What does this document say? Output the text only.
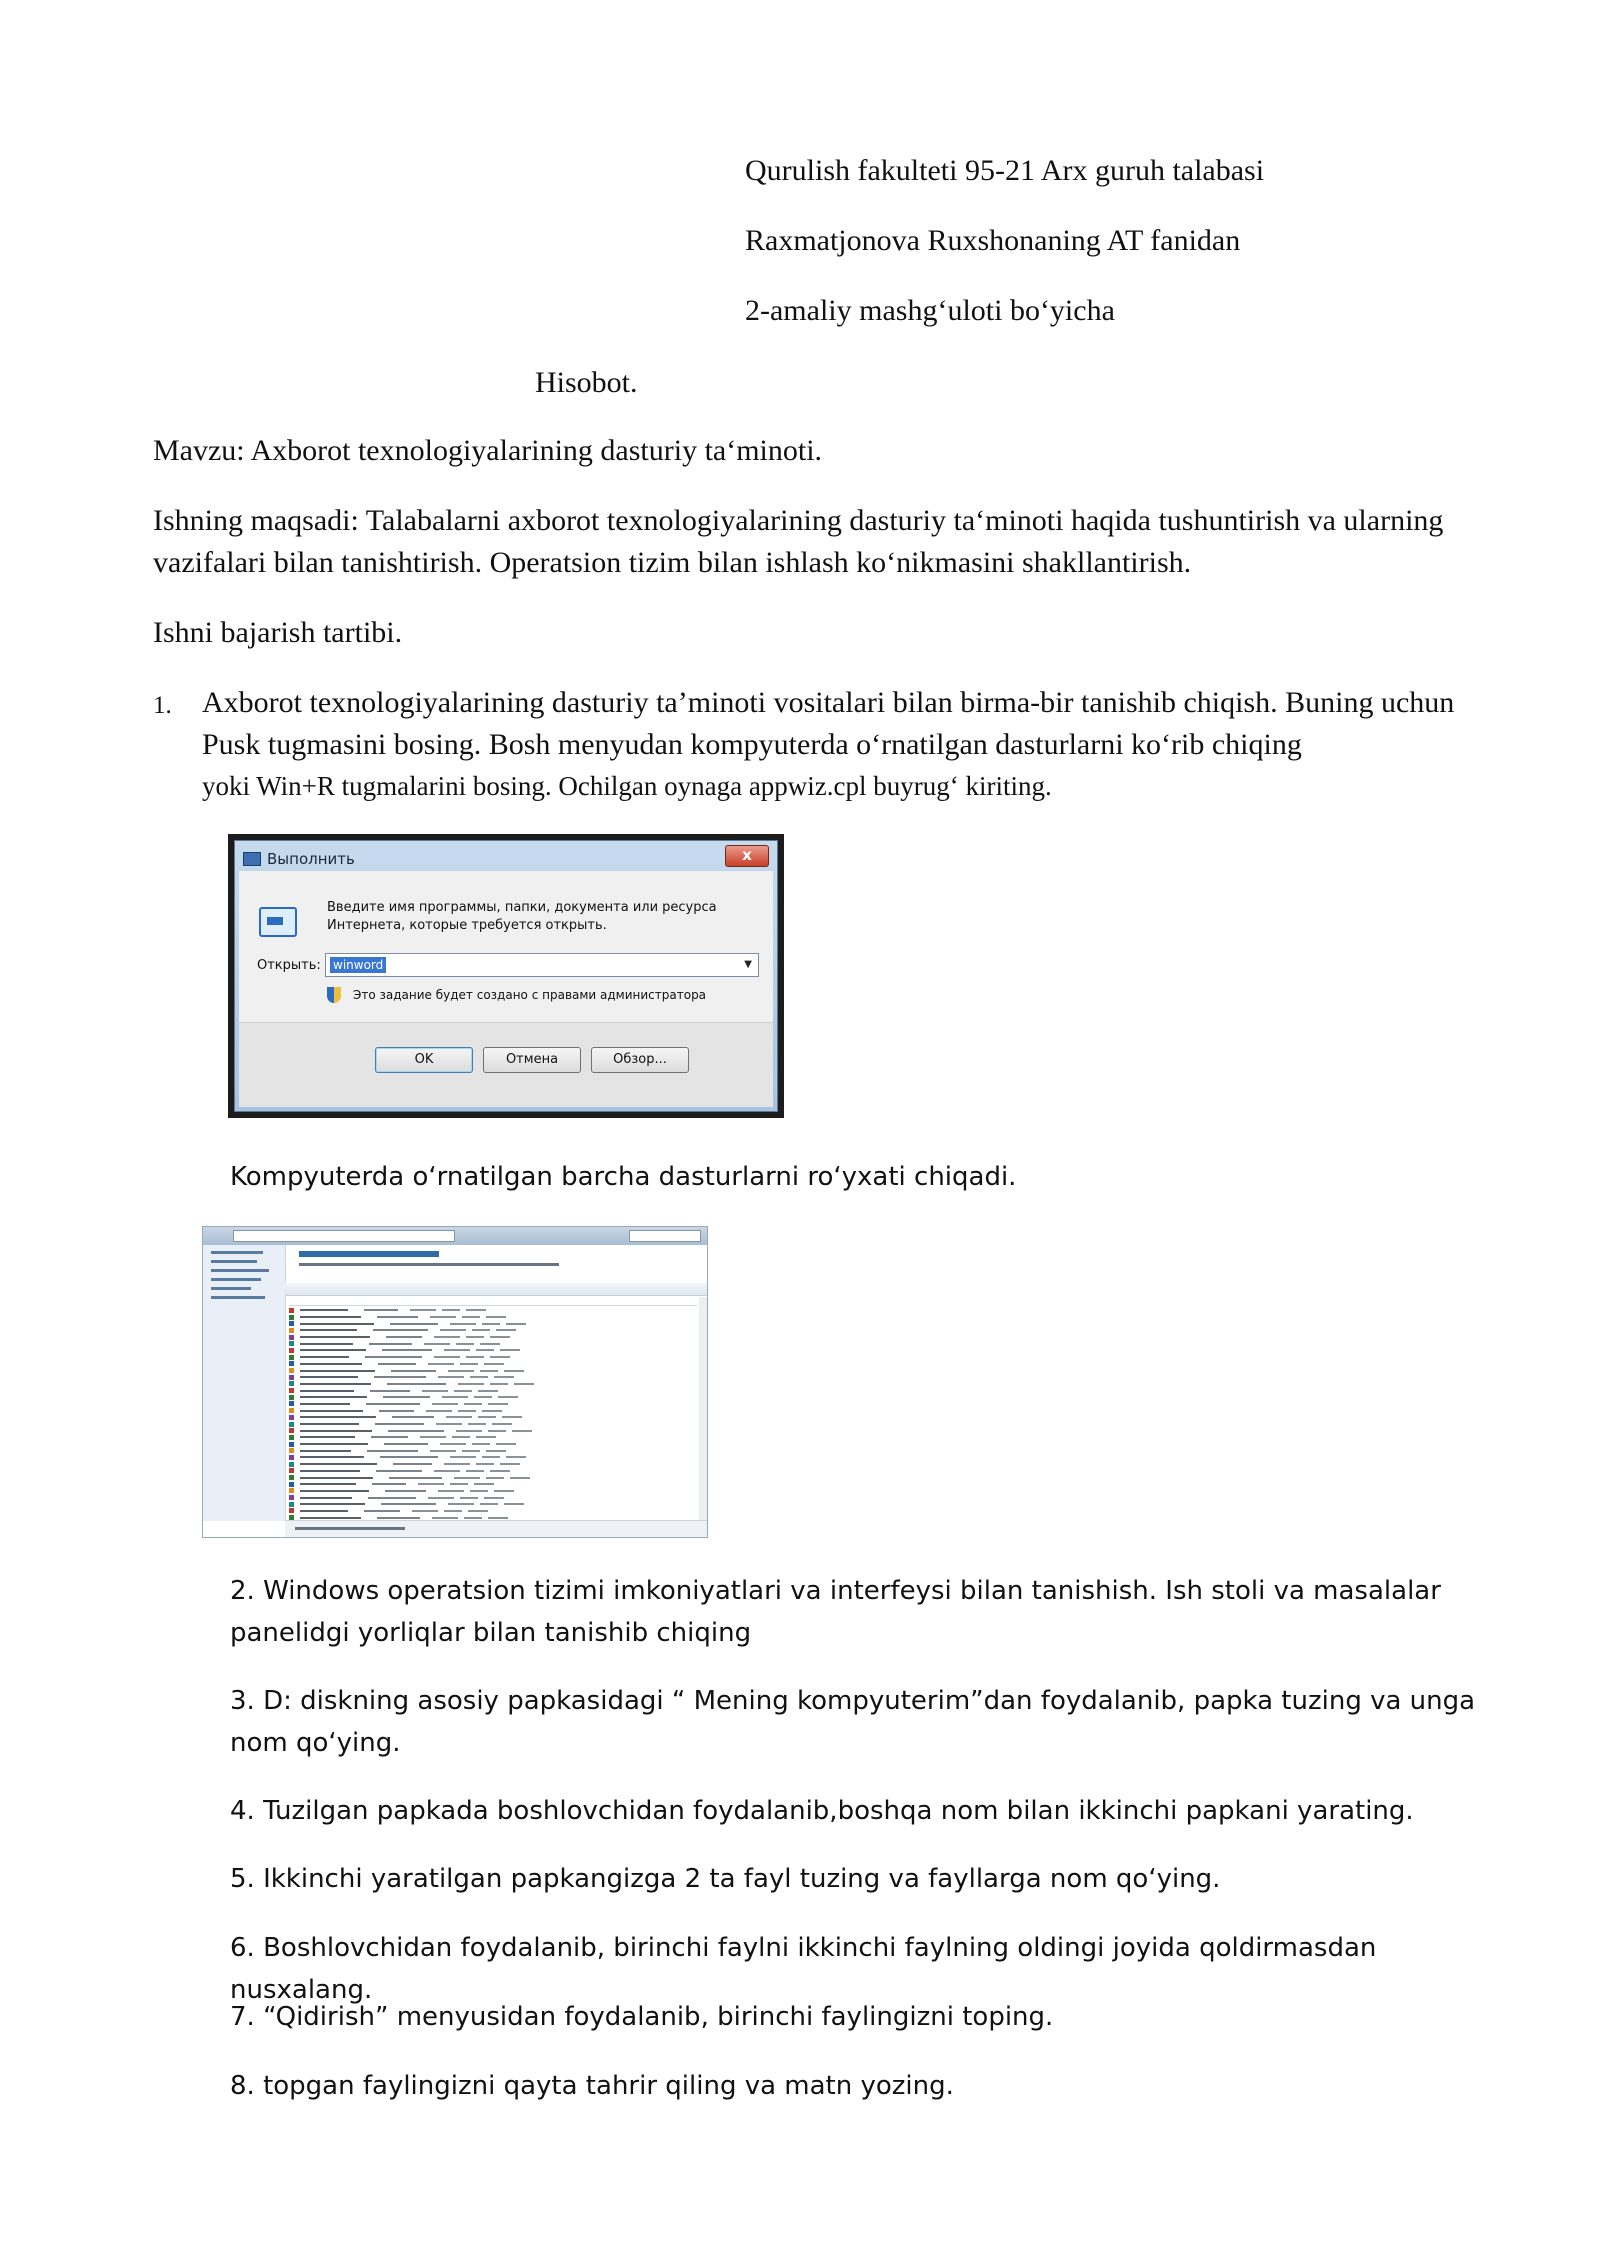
Qurulish fakulteti 95-21 Arx guruh talabasi
Raxmatjonova Ruxshonaning AT fanidan
2-amaliy mashg‘uloti bo‘yicha
Hisobot.
Mavzu: Axborot texnologiyalarining dasturiy ta‘minoti.
Ishning maqsadi: Talabalarni axborot texnologiyalarining dasturiy ta‘minoti haqida tushuntirish va ularning vazifalari bilan tanishtirish. Operatsion tizim bilan ishlash ko‘nikmasini shakllantirish.
Ishni bajarish tartibi.
1. Axborot texnologiyalarining dasturiy ta’minoti vositalari bilan birma-bir tanishib chiqish. Buning uchun Pusk tugmasini bosing. Bosh menyudan kompyuterda o‘rnatilgan dasturlarni ko‘rib chiqing
yoki Win+R tugmalarini bosing. Ochilgan oynaga appwiz.cpl buyrug‘ kiriting.
Выполнить	x
Введите имя программы, папки, документа или ресурса Интернета, которые требуется открыть.
Открыть: winword	▼
Это задание будет создано с правами администратора
OK	Отмена	Обзор...
Kompyuterda o‘rnatilgan barcha dasturlarni ro‘yxati chiqadi.
2. Windows operatsion tizimi imkoniyatlari va interfeysi bilan tanishish. Ish stoli va masalalar panelidgi yorliqlar bilan tanishib chiqing
3. D: diskning asosiy papkasidagi “ Mening kompyuterim”dan foydalanib, papka tuzing va unga nom qo‘ying.
4. Tuzilgan papkada boshlovchidan foydalanib,boshqa nom bilan ikkinchi papkani yarating.
5. Ikkinchi yaratilgan papkangizga 2 ta fayl tuzing va fayllarga nom qo‘ying.
6. Boshlovchidan foydalanib, birinchi faylni ikkinchi faylning oldingi joyida qoldirmasdan nusxalang.
7. “Qidirish” menyusidan foydalanib, birinchi faylingizni toping.
8. topgan faylingizni qayta tahrir qiling va matn yozing.
